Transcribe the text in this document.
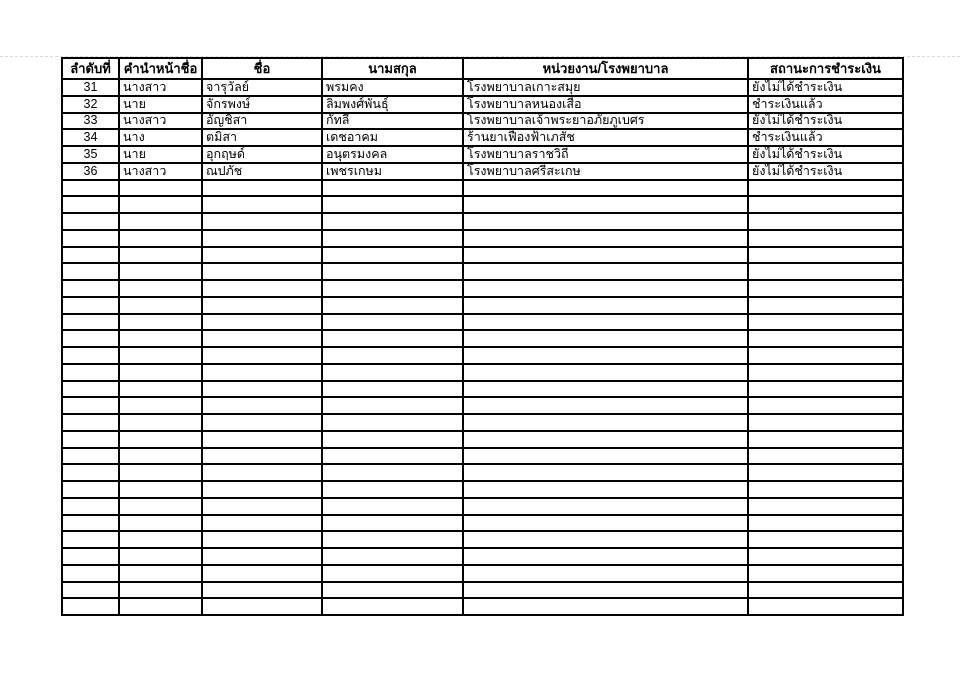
ลำดับที่	คำนำหน้าชื่อ	ชื่อ	นามสกุล	หน่วยงาน/โรงพยาบาล	สถานะการชำระเงิน
31	นางสาว	จารุวัลย์	พรมคง	โรงพยาบาลเกาะสมุย	ยังไม่ได้ชำระเงิน
32	นาย	จักรพงษ์	ลิ่มพงศ์พันธุ์	โรงพยาบาลหนองเสือ	ชำระเงินแล้ว
33	นางสาว	อัญชิสา	กัทลี	โรงพยาบาลเจ้าพระยาอภัยภูเบศร	ยังไม่ได้ชำระเงิน
34	นาง	ตมิสา	เดชอาคม	ร้านยาเฟื่องฟ้าเภสัช	ชำระเงินแล้ว
35	นาย	อุกฤษด์	อนุตรมงคล	โรงพยาบาลราชวิถี	ยังไม่ได้ชำระเงิน
36	นางสาว	ณปภัช	เพชรเกษม	โรงพยาบาลศรีสะเกษ	ยังไม่ได้ชำระเงิน
